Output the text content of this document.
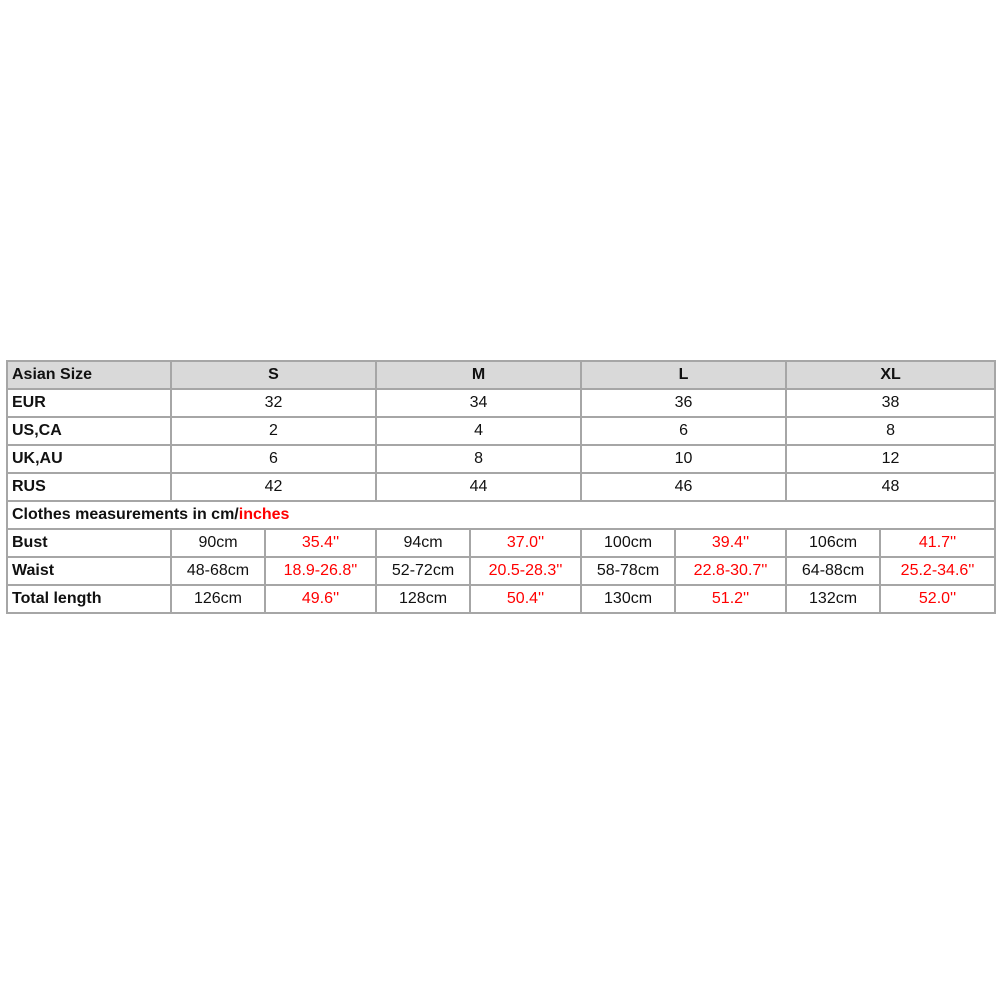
Asian Size	S		M		L		XL	
EUR	32		34		36		38	
US,CA	2		4		6		8	
UK,AU	6		8		10		12	
RUS	42		44		46		48	
Clothes measurements in cm/inches								
Bust	90cm	35.4''	94cm	37.0''	100cm	39.4''	106cm	41.7''
Waist	48-68cm	18.9-26.8''	52-72cm	20.5-28.3''	58-78cm	22.8-30.7''	64-88cm	25.2-34.6''
Total length	126cm	49.6''	128cm	50.4''	130cm	51.2''	132cm	52.0''
